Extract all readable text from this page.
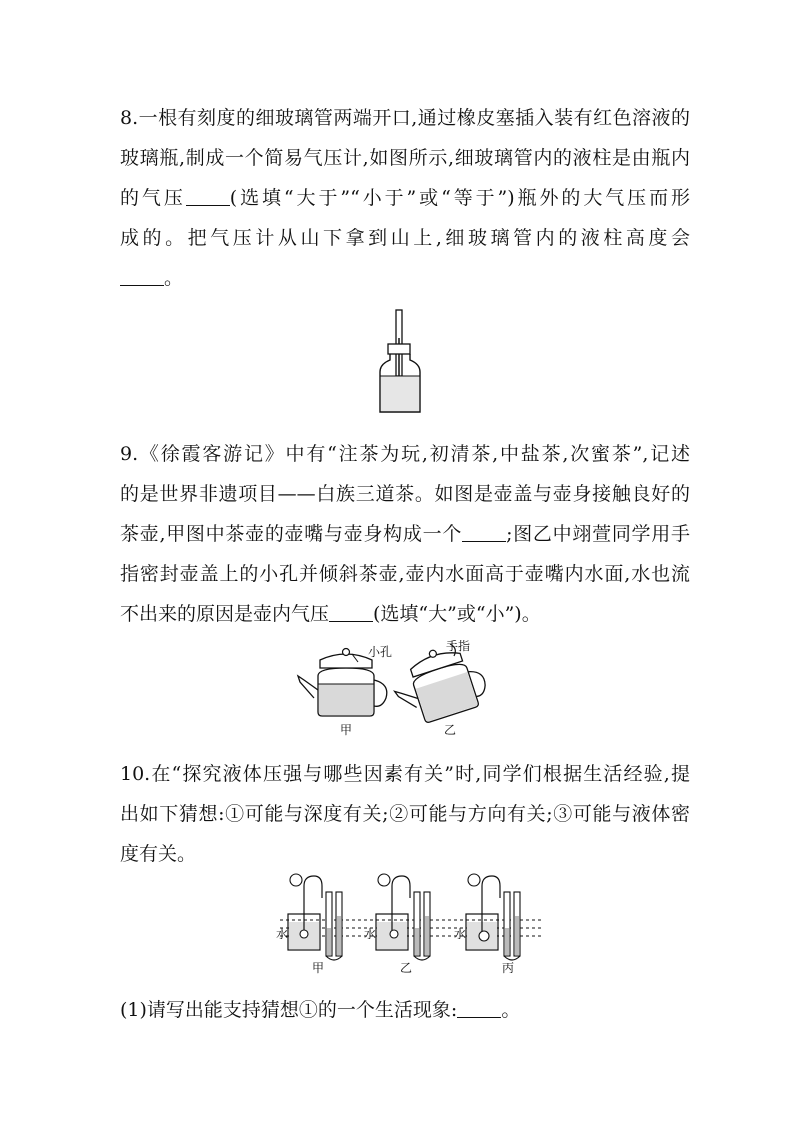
8.一根有刻度的细玻璃管两端开口,通过橡皮塞插入装有红色溶液的
玻璃瓶,制成一个简易气压计,如图所示,细玻璃管内的液柱是由瓶内
的气压 (选填“大于”“小于”或“等于”)瓶外的大气压而形
成的。把气压计从山下拿到山上,细玻璃管内的液柱高度会
。
9.《徐霞客游记》中有“注茶为玩,初清茶,中盐茶,次蜜茶”,记述
的是世界非遗项目——白族三道茶。如图是壶盖与壶身接触良好的
茶壶,甲图中茶壶的壶嘴与壶身构成一个 ;图乙中翊萱同学用手
指密封壶盖上的小孔并倾斜茶壶,壶内水面高于壶嘴内水面,水也流
不出来的原因是壶内气压 (选填“大”或“小”)。
小孔
甲
手指
乙
10.在“探究液体压强与哪些因素有关”时,同学们根据生活经验,提
出如下猜想:①可能与深度有关;②可能与方向有关;③可能与液体密
度有关。
水
甲
水
乙
水
丙
(1)请写出能支持猜想①的一个生活现象: 。
